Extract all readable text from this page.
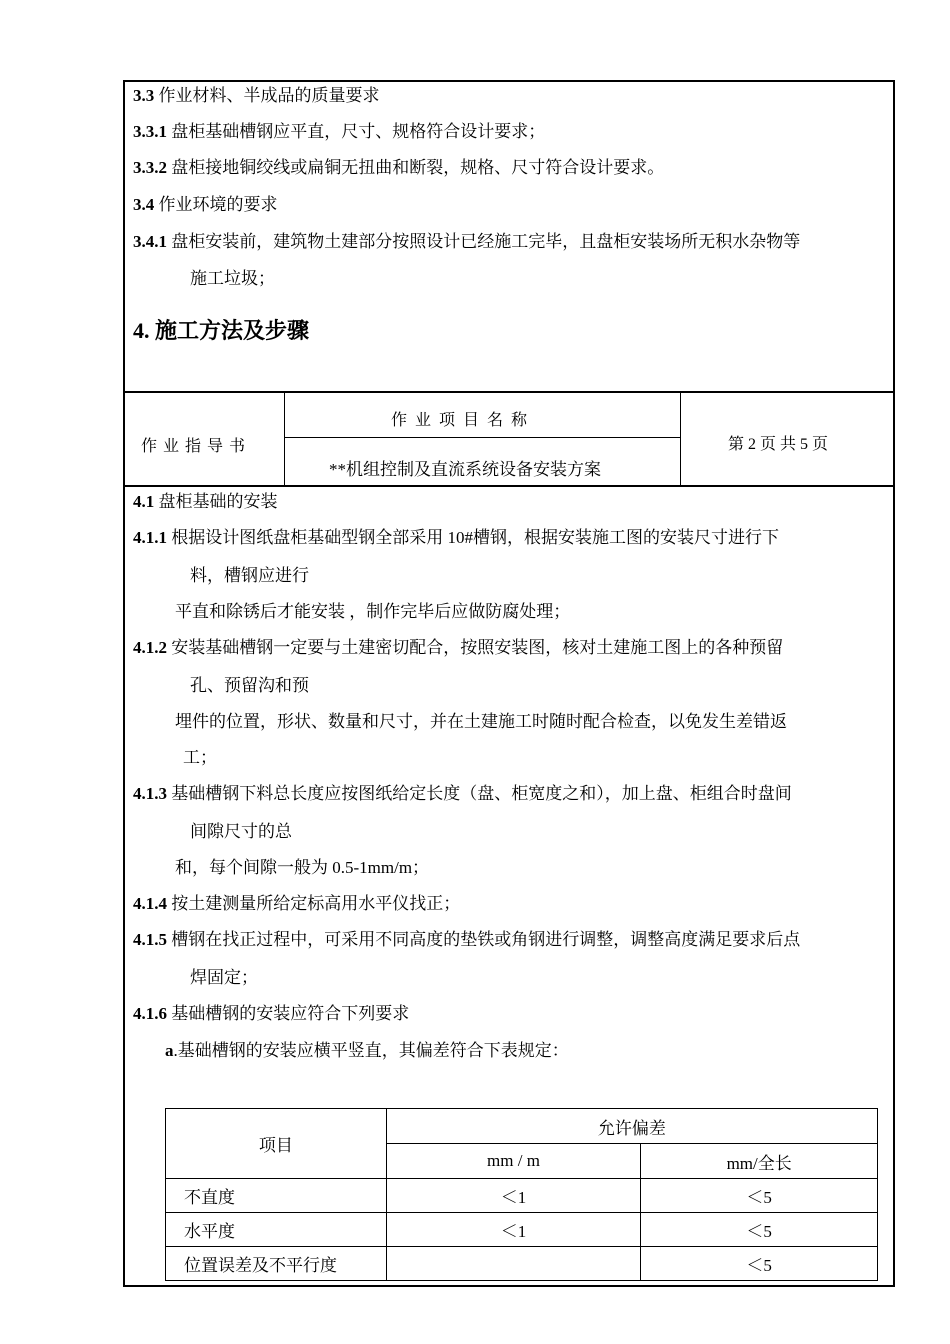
3.3 作业材料、半成品的质量要求
3.3.1 盘柜基础槽钢应平直，尺寸、规格符合设计要求；
3.3.2 盘柜接地铜绞线或扁铜无扭曲和断裂，规格、尺寸符合设计要求。
3.4 作业环境的要求
3.4.1 盘柜安装前，建筑物土建部分按照设计已经施工完毕，且盘柜安装场所无积水杂物等
施工垃圾；
4. 施工方法及步骤
作 业 指 导 书
作 业 项 目 名 称
**机组控制及直流系统设备安装方案
第 2 页 共 5 页
4.1 盘柜基础的安装
4.1.1 根据设计图纸盘柜基础型钢全部采用 10#槽钢，根据安装施工图的安装尺寸进行下
料，槽钢应进行
平直和除锈后才能安装 ，制作完毕后应做防腐处理；
4.1.2 安装基础槽钢一定要与土建密切配合，按照安装图，核对土建施工图上的各种预留
孔、预留沟和预
埋件的位置，形状、数量和尺寸，并在土建施工时随时配合检查，以免发生差错返
工；
4.1.3 基础槽钢下料总长度应按图纸给定长度（盘、柜宽度之和），加上盘、柜组合时盘间
间隙尺寸的总
和，每个间隙一般为 0.5-1mm/m；
4.1.4 按土建测量所给定标高用水平仪找正；
4.1.5 槽钢在找正过程中，可采用不同高度的垫铁或角钢进行调整，调整高度满足要求后点
焊固定；
4.1.6 基础槽钢的安装应符合下列要求
a.基础槽钢的安装应横平竖直，其偏差符合下表规定：
项目	允许偏差	
	mm / m	mm/全长
不直度	＜1	＜5
水平度	＜1	＜5
位置误差及不平行度		＜5
